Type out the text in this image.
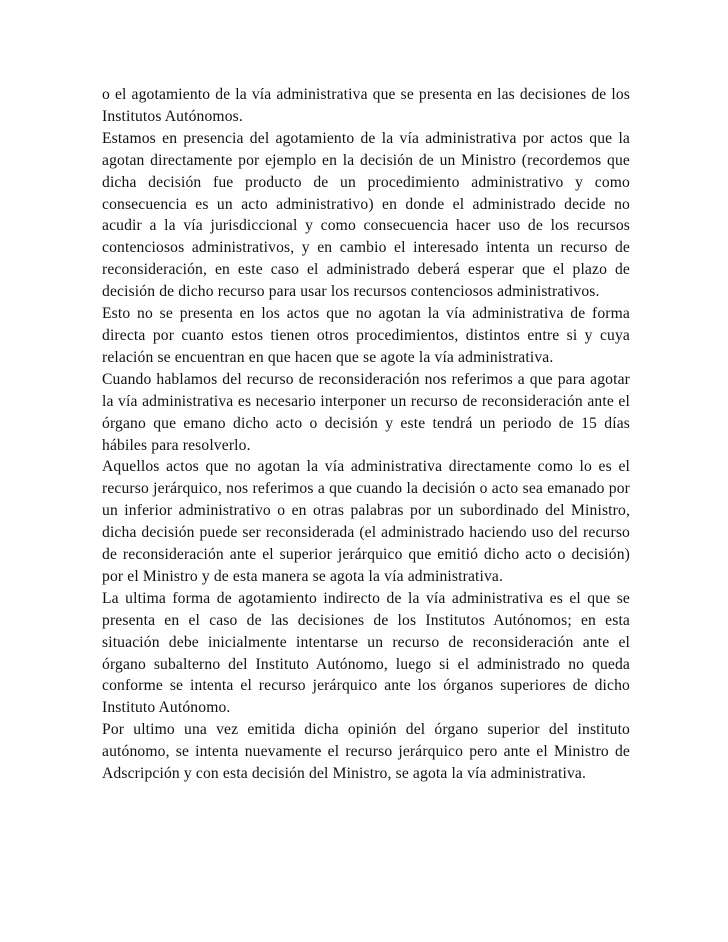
o el agotamiento de la vía administrativa que se presenta en las decisiones de los Institutos Autónomos.

Estamos en presencia del agotamiento de la vía administrativa por actos que la agotan directamente por ejemplo en la decisión de un Ministro (recordemos que dicha decisión fue producto de un procedimiento administrativo y como consecuencia es un acto administrativo) en donde el administrado decide no acudir a la vía jurisdiccional y como consecuencia hacer uso de los recursos contenciosos administrativos, y en cambio el interesado intenta un recurso de reconsideración, en este caso el administrado deberá esperar que el plazo de decisión de dicho recurso para usar los recursos contenciosos administrativos.

Esto no se presenta en los actos que no agotan la vía administrativa de forma directa por cuanto estos tienen otros procedimientos, distintos entre si y cuya relación se encuentran en que hacen que se agote la vía administrativa.

Cuando hablamos del recurso de reconsideración nos referimos a que para agotar la vía administrativa es necesario interponer un recurso de reconsideración ante el órgano que emano dicho acto o decisión y este tendrá un periodo de 15 días hábiles para resolverlo.

Aquellos actos que no agotan la vía administrativa directamente como lo es el recurso jerárquico, nos referimos a que cuando la decisión o acto sea emanado por un inferior administrativo o en otras palabras por un subordinado del Ministro, dicha decisión puede ser reconsiderada (el administrado haciendo uso del recurso de reconsideración ante el superior jerárquico que emitió dicho acto o decisión) por el Ministro y de esta manera se agota la vía administrativa.

La ultima forma de agotamiento indirecto de la vía administrativa es el que se presenta en el caso de las decisiones de los Institutos Autónomos; en esta situación debe inicialmente intentarse un recurso de reconsideración ante el órgano subalterno del Instituto Autónomo, luego si el administrado no queda conforme se intenta el recurso jerárquico ante los órganos superiores de dicho Instituto Autónomo.

Por ultimo una vez emitida dicha opinión del órgano superior del instituto autónomo, se intenta nuevamente el recurso jerárquico pero ante el Ministro de Adscripción y con esta decisión del Ministro, se agota la vía administrativa.
